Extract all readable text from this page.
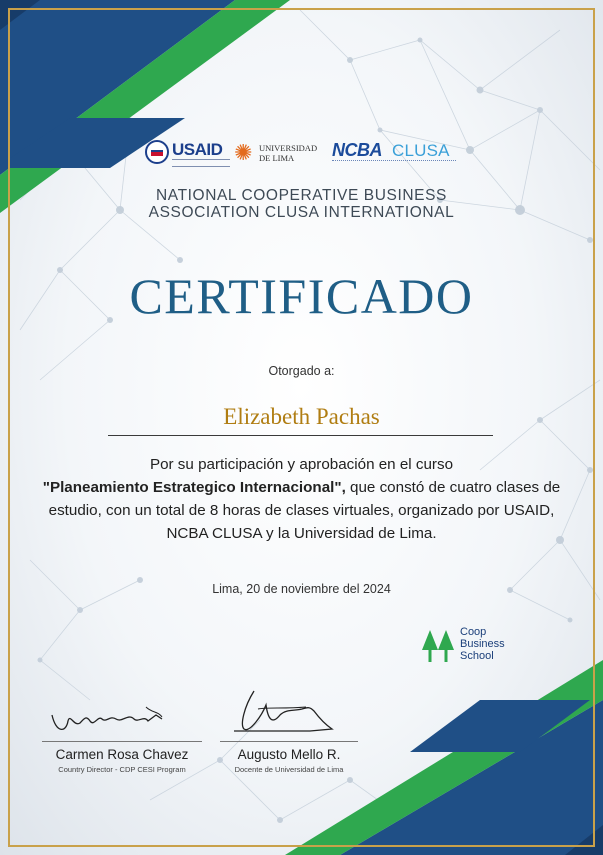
USAID ✺ UNIVERSIDAD
DE LIMA	NCBA CLUSA
NATIONAL COOPERATIVE BUSINESS
ASSOCIATION CLUSA INTERNATIONAL
CERTIFICADO
Otorgado a:
Elizabeth Pachas
Por su participación y aprobación en el curso
"Planeamiento Estrategico Internacional", que constó de cuatro clases de estudio, con un total de 8 horas de clases virtuales, organizado por USAID, NCBA CLUSA y la Universidad de Lima.
Lima, 20 de noviembre del 2024
Coop
Business
School
Carmen Rosa Chavez
Country Director - CDP CESI Program
Augusto Mello R.
Docente de Universidad de Lima
